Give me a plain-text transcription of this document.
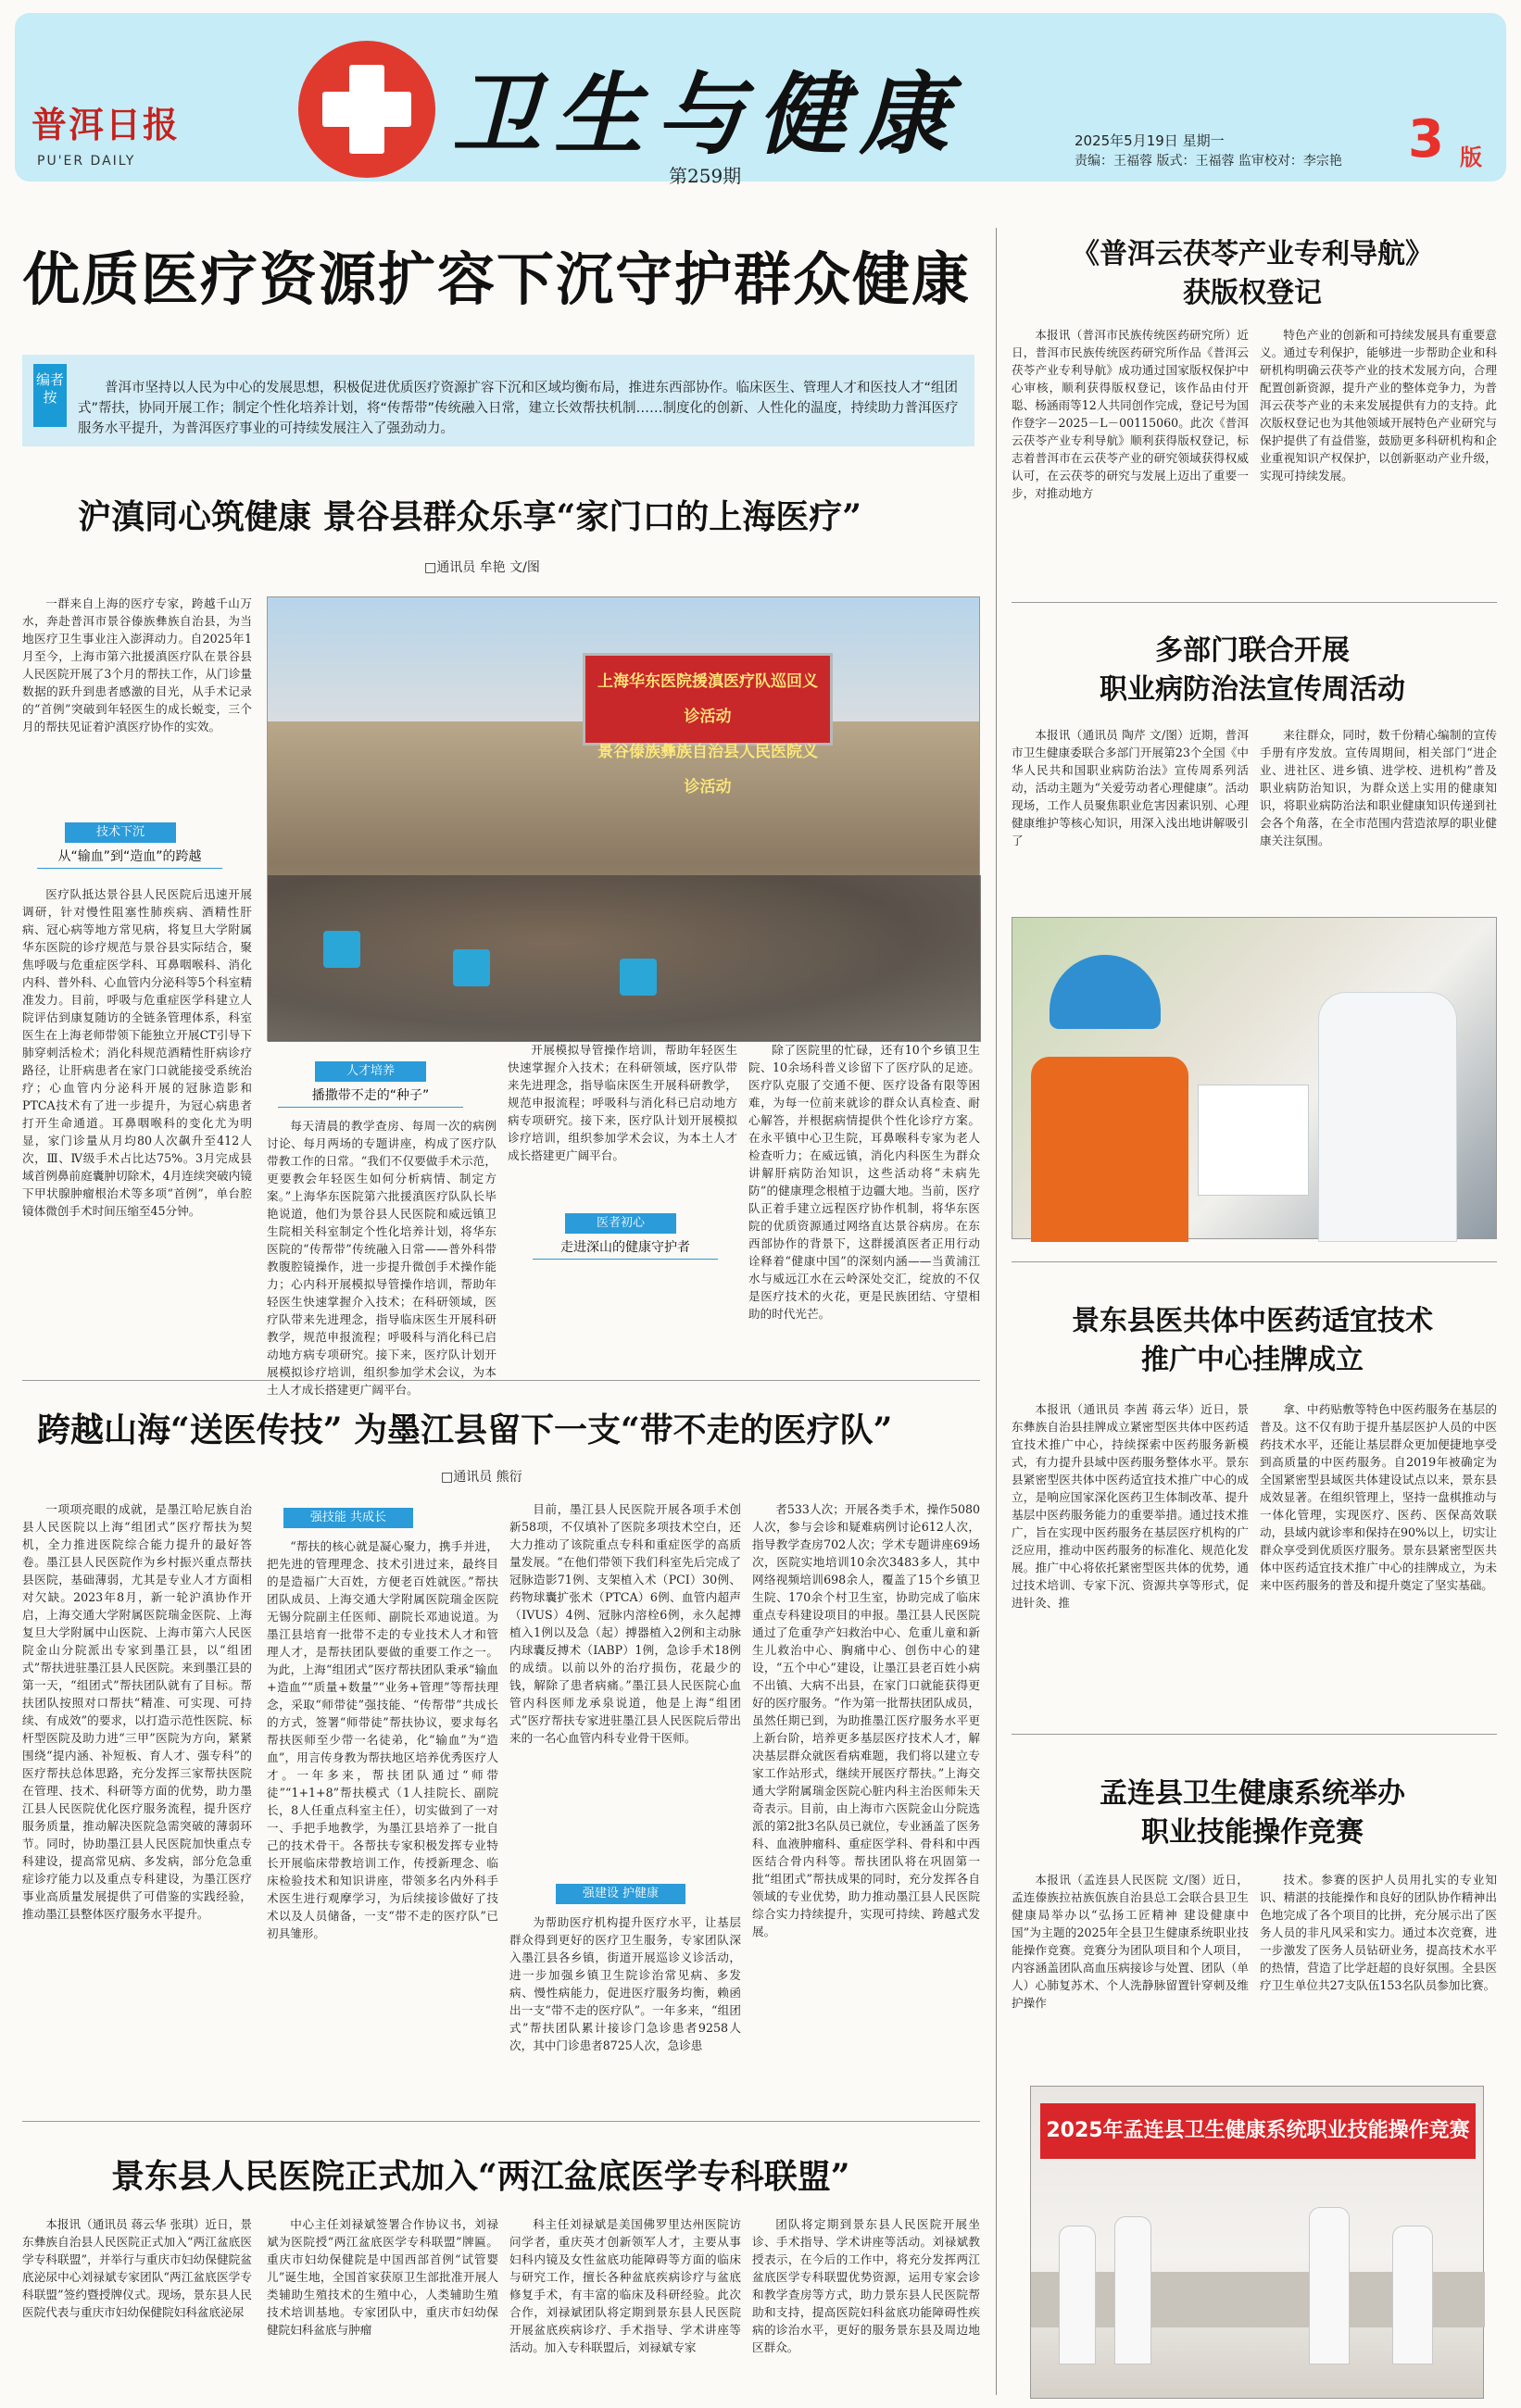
普洱日报
PU'ER DAILY	卫生与健康
第259期
2025年5月19日 星期一
责编：王福蓉 版式：王福蓉 监审校对：李宗艳 3 版
优质医疗资源扩容下沉守护群众健康
编者按
普洱市坚持以人民为中心的发展思想，积极促进优质医疗资源扩容下沉和区域均衡布局，推进东西部协作。临床医生、管理人才和医技人才“组团式”帮扶，协同开展工作；制定个性化培养计划，将“传帮带”传统融入日常，建立长效帮扶机制……制度化的创新、人性化的温度，持续助力普洱医疗服务水平提升，为普洱医疗事业的可持续发展注入了强劲动力。
沪滇同心筑健康 景谷县群众乐享“家门口的上海医疗”
□通讯员 牟艳 文/图

一群来自上海的医疗专家，跨越千山万水，奔赴普洱市景谷傣族彝族自治县，为当地医疗卫生事业注入澎湃动力。自2025年1月至今，上海市第六批援滇医疗队在景谷县人民医院开展了3个月的帮扶工作，从门诊量数据的跃升到患者感激的目光，从手术记录的“首例”突破到年轻医生的成长蜕变，三个月的帮扶见证着沪滇医疗协作的实效。

技术下沉
从“输血”到“造血”的跨越

医疗队抵达景谷县人民医院后迅速开展调研，针对慢性阻塞性肺疾病、酒精性肝病、冠心病等地方常见病，将复旦大学附属华东医院的诊疗规范与景谷县实际结合，聚焦呼吸与危重症医学科、耳鼻咽喉科、消化内科、普外科、心血管内分泌科等5个科室精准发力。目前，呼吸与危重症医学科建立人院评估到康复随访的全链条管理体系，科室医生在上海老师带领下能独立开展CT引导下肺穿刺活检术；消化科规范酒精性肝病诊疗路径，让肝病患者在家门口就能接受系统治疗；心血管内分泌科开展的冠脉造影和PTCA技术有了进一步提升，为冠心病患者打开生命通道。耳鼻咽喉科的变化尤为明显，家门诊量从月均80人次飙升至412人次，Ⅲ、Ⅳ级手术占比达75%。3月完成县域首例鼻前庭囊肿切除术，4月连续突破内镜下甲状腺肿瘤根治术等多项“首例”，单台腔镜体微创手术时间压缩至45分钟。

上海华东医院援滇医疗队巡回义诊活动
景谷傣族彝族自治县人民医院义诊活动
人才培养
播撒带不走的“种子”

每天清晨的教学查房、每周一次的病例讨论、每月两场的专题讲座，构成了医疗队带教工作的日常。“我们不仅要做手术示范，更要教会年轻医生如何分析病情、制定方案。”上海华东医院第六批援滇医疗队队长毕艳说道，他们为景谷县人民医院和威远镇卫生院相关科室制定个性化培养计划，将华东医院的“传帮带”传统融入日常——普外科带教腹腔镜操作，进一步提升微创手术操作能力；心内科开展模拟导管操作培训，帮助年轻医生快速掌握介入技术；在科研领域，医疗队带来先进理念，指导临床医生开展科研教学，规范申报流程；呼吸科与消化科已启动地方病专项研究。接下来，医疗队计划开展模拟诊疗培训，组织参加学术会议，为本土人才成长搭建更广阔平台。

开展模拟导管操作培训，帮助年轻医生快速掌握介入技术；在科研领域，医疗队带来先进理念，指导临床医生开展科研教学，规范申报流程；呼吸科与消化科已启动地方病专项研究。接下来，医疗队计划开展模拟诊疗培训，组织参加学术会议，为本土人才成长搭建更广阔平台。

医者初心
走进深山的健康守护者

除了医院里的忙碌，还有10个乡镇卫生院、10余场科普义诊留下了医疗队的足迹。医疗队克服了交通不便、医疗设备有限等困难，为每一位前来就诊的群众认真检查、耐心解答，并根据病情提供个性化诊疗方案。在永平镇中心卫生院，耳鼻喉科专家为老人检查听力；在威远镇，消化内科医生为群众讲解肝病防治知识，这些活动将“未病先防”的健康理念根植于边疆大地。当前，医疗队正着手建立远程医疗协作机制，将华东医院的优质资源通过网络直达景谷病房。在东西部协作的背景下，这群援滇医者正用行动诠释着“健康中国”的深刻内涵——当黄浦江水与威远江水在云岭深处交汇，绽放的不仅是医疗技术的火花，更是民族团结、守望相助的时代光芒。

跨越山海“送医传技” 为墨江县留下一支“带不走的医疗队”
□通讯员 熊衍

一项项亮眼的成就，是墨江哈尼族自治县人民医院以上海“组团式”医疗帮扶为契机，全力推进医院综合能力提升的最好答卷。墨江县人民医院作为乡村振兴重点帮扶县医院，基础薄弱，尤其是专业人才方面相对欠缺。2023年8月，新一轮沪滇协作开启，上海交通大学附属医院瑞金医院、上海复旦大学附属中山医院、上海市第六人民医院金山分院派出专家到墨江县，以“组团式”帮扶进驻墨江县人民医院。来到墨江县的第一天，“组团式”帮扶团队就有了目标。帮扶团队按照对口帮扶“精准、可实现、可持续、有成效”的要求，以打造示范性医院、标杆型医院及助力进“三甲”医院为方向，紧紧围绕“提内涵、补短板、育人才、强专科”的医疗帮扶总体思路，充分发挥三家帮扶医院在管理、技术、科研等方面的优势，助力墨江县人民医院优化医疗服务流程，提升医疗服务质量，推动解决医院急需突破的薄弱环节。同时，协助墨江县人民医院加快重点专科建设，提高常见病、多发病，部分危急重症诊疗能力以及重点专科建设，为墨江医疗事业高质量发展提供了可借鉴的实践经验，推动墨江县整体医疗服务水平提升。

强技能 共成长

“帮扶的核心就是凝心聚力，携手并进，把先进的管理理念、技术引进过来，最终目的是造福广大百姓，方便老百姓就医。”帮扶团队成员、上海交通大学附属医院瑞金医院无锡分院副主任医师、副院长邓迪说道。为墨江县培育一批带不走的专业技术人才和管理人才，是帮扶团队要做的重要工作之一。为此，上海“组团式”医疗帮扶团队秉承“输血+造血”“质量+数量”“业务+管理”等帮扶理念，采取“师带徒”强技能、“传帮带”共成长的方式，签署“师带徒”帮扶协议，要求每名帮扶医师至少带一名徒弟，化“输血”为“造血”，用言传身教为帮扶地区培养优秀医疗人才。一年多来，帮扶团队通过“师带徒”“1+1+8”帮扶模式（1人挂院长、副院长，8人任重点科室主任），切实做到了一对一、手把手地教学，为墨江县培养了一批自己的技术骨干。各帮扶专家积极发挥专业特长开展临床带教培训工作，传授新理念、临床检验技术和知识讲座，带领多名内外科手术医生进行观摩学习，为后续接诊做好了技术以及人员储备，一支“带不走的医疗队”已初具雏形。

目前，墨江县人民医院开展各项手术创新58项，不仅填补了医院多项技术空白，还大力推动了该院重点专科和重症医学的高质量发展。“在他们带领下我们科室先后完成了冠脉造影71例、支架植入术（PCI）30例、药物球囊扩张术（PTCA）6例、血管内超声（IVUS）4例、冠脉内溶栓6例，永久起搏植入1例以及急（起）搏器植入2例和主动脉内球囊反搏术（IABP）1例，急诊手术18例的成绩。以前以外的治疗损伤，花最少的钱，解除了患者病痛。”墨江县人民医院心血管内科医师龙承泉说道，他是上海“组团式”医疗帮扶专家进驻墨江县人民医院后带出来的一名心血管内科专业骨干医师。

强建设 护健康

为帮助医疗机构提升医疗水平，让基层群众得到更好的医疗卫生服务，专家团队深入墨江县各乡镇，街道开展巡诊义诊活动，进一步加强乡镇卫生院诊治常见病、多发病、慢性病能力，促进医疗服务均衡，赖函出一支“带不走的医疗队”。一年多来，“组团式”帮扶团队累计接诊门急诊患者9258人次，其中门诊患者8725人次，急诊患

者533人次；开展各类手术，操作5080人次，参与会诊和疑难病例讨论612人次，指导教学查房702人次；学术专题讲座69场次，医院实地培训10余次3483多人，其中网络视频培训698余人，覆盖了15个乡镇卫生院、170余个村卫生室，协助完成了临床重点专科建设项目的申报。墨江县人民医院通过了危重孕产妇救治中心、危重儿童和新生儿救治中心、胸痛中心、创伤中心的建设，“五个中心”建设，让墨江县老百姓小病不出镇、大病不出县，在家门口就能获得更好的医疗服务。“作为第一批帮扶团队成员，虽然任期已到，为助推墨江医疗服务水平更上新台阶，培养更多基层医疗技术人才，解决基层群众就医看病难题，我们将以建立专家工作站形式，继续开展医疗帮扶。”上海交通大学附属瑞金医院心脏内科主治医师朱天奇表示。目前，由上海市六医院金山分院选派的第2批3名队员已就位，专业涵盖了医务科、血液肿瘤科、重症医学科、骨科和中西医结合骨内科等。帮扶团队将在巩固第一批“组团式”帮扶成果的同时，充分发挥各自领域的专业优势，助力推动墨江县人民医院综合实力持续提升，实现可持续、跨越式发展。

景东县人民医院正式加入“两江盆底医学专科联盟”

本报讯（通讯员 蒋云华 张琪）近日，景东彝族自治县人民医院正式加入“两江盆底医学专科联盟”，并举行与重庆市妇幼保健院盆底泌尿中心刘禄斌专家团队“两江盆底医学专科联盟”签约暨授牌仪式。现场，景东县人民医院代表与重庆市妇幼保健院妇科盆底泌尿

中心主任刘禄斌签署合作协议书，刘禄斌为医院授“两江盆底医学专科联盟”牌匾。重庆市妇幼保健院是中国西部首例“试管婴儿”诞生地，全国首家获原卫生部批准开展人类辅助生殖技术的生殖中心，人类辅助生殖技术培训基地。专家团队中，重庆市妇幼保健院妇科盆底与肿瘤

科主任刘禄斌是美国佛罗里达州医院访问学者，重庆英才创新领军人才，主要从事妇科内镜及女性盆底功能障碍等方面的临床与研究工作，擅长各种盆底疾病诊疗与盆底修复手术，有丰富的临床及科研经验。此次合作，刘禄斌团队将定期到景东县人民医院开展盆底疾病诊疗、手术指导、学术讲座等活动。加入专科联盟后，刘禄斌专家

团队将定期到景东县人民医院开展坐诊、手术指导、学术讲座等活动。刘禄斌教授表示，在今后的工作中，将充分发挥两江盆底医学专科联盟优势资源，运用专家会诊和教学查房等方式，助力景东县人民医院帮助和支持，提高医院妇科盆底功能障碍性疾病的诊治水平，更好的服务景东县及周边地区群众。

《普洱云茯苓产业专利导航》
获版权登记

本报讯（普洱市民族传统医药研究所）近日，普洱市民族传统医药研究所作品《普洱云茯苓产业专利导航》成功通过国家版权保护中心审核，顺利获得版权登记，该作品由付开聪、杨涵雨等12人共同创作完成，登记号为国作登字－2025－L－00115060。此次《普洱云茯苓产业专利导航》顺利获得版权登记，标志着普洱市在云茯苓产业的研究领域获得权威认可，在云茯苓的研究与发展上迈出了重要一步，对推动地方

特色产业的创新和可持续发展具有重要意义。通过专利保护，能够进一步帮助企业和科研机构明确云茯苓产业的技术发展方向，合理配置创新资源，提升产业的整体竞争力，为普洱云茯苓产业的未来发展提供有力的支持。此次版权登记也为其他领域开展特色产业研究与保护提供了有益借鉴，鼓励更多科研机构和企业重视知识产权保护，以创新驱动产业升级，实现可持续发展。

多部门联合开展
职业病防治法宣传周活动

本报讯（通讯员 陶芹 文/图）近期，普洱市卫生健康委联合多部门开展第23个全国《中华人民共和国职业病防治法》宣传周系列活动，活动主题为“关爱劳动者心理健康”。活动现场，工作人员聚焦职业危害因素识别、心理健康维护等核心知识，用深入浅出地讲解吸引了

来往群众，同时，数千份精心编制的宣传手册有序发放。宣传周期间，相关部门“进企业、进社区、进乡镇、进学校、进机构”普及职业病防治知识，为群众送上实用的健康知识，将职业病防治法和职业健康知识传递到社会各个角落，在全市范围内营造浓厚的职业健康关注氛围。

景东县医共体中医药适宜技术
推广中心挂牌成立

本报讯（通讯员 李茜 蒋云华）近日，景东彝族自治县挂牌成立紧密型医共体中医药适宜技术推广中心，持续探索中医药服务新模式，有力提升县域中医药服务整体水平。景东县紧密型医共体中医药适宜技术推广中心的成立，是响应国家深化医药卫生体制改革、提升基层中医药服务能力的重要举措。通过技术推广，旨在实现中医药服务在基层医疗机构的广泛应用，推动中医药服务的标准化、规范化发展。推广中心将依托紧密型医共体的优势，通过技术培训、专家下沉、资源共享等形式，促进针灸、推

拿、中药贴敷等特色中医药服务在基层的普及。这不仅有助于提升基层医护人员的中医药技术水平，还能让基层群众更加便捷地享受到高质量的中医药服务。自2019年被确定为全国紧密型县域医共体建设试点以来，景东县成效显著。在组织管理上，坚持一盘棋推动与一体化管理，实现医疗、医药、医保高效联动，县域内就诊率和保持在90%以上，切实让群众享受到优质医疗服务。景东县紧密型医共体中医药适宜技术推广中心的挂牌成立，为未来中医药服务的普及和提升奠定了坚实基础。

孟连县卫生健康系统举办
职业技能操作竞赛

本报讯（孟连县人民医院 文/图）近日，孟连傣族拉祜族佤族自治县总工会联合县卫生健康局举办以“弘扬工匠精神 建设健康中国”为主题的2025年全县卫生健康系统职业技能操作竞赛。竞赛分为团队项目和个人项目，内容涵盖团队高血压病接诊与处置、团队（单人）心肺复苏术、个人洗静脉留置针穿刺及维护操作

技术。参赛的医护人员用扎实的专业知识、精湛的技能操作和良好的团队协作精神出色地完成了各个项目的比拼，充分展示出了医务人员的非凡风采和实力。通过本次竞赛，进一步激发了医务人员钻研业务，提高技术水平的热情，营造了比学赶超的良好氛围。全县医疗卫生单位共27支队伍153名队员参加比赛。

2025年孟连县卫生健康系统职业技能操作竞赛
